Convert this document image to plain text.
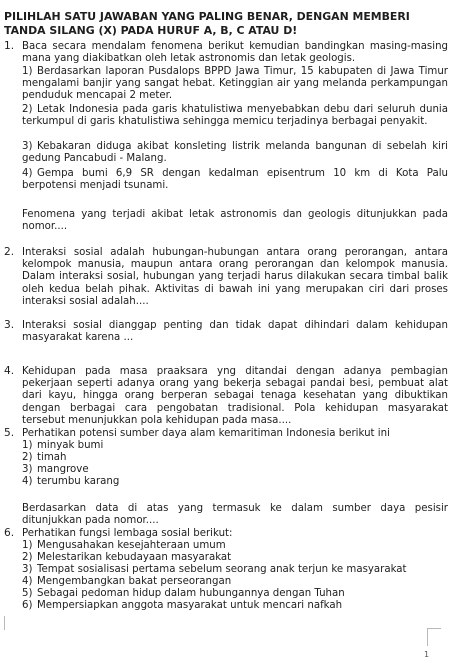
PILIHLAH SATU JAWABAN YANG PALING BENAR, DENGAN MEMBERI TANDA SILANG (X) PADA HURUF A, B, C ATAU D!
1. Baca secara mendalam fenomena berikut kemudian bandingkan masing-masing mana yang diakibatkan oleh letak astronomis dan letak geologis.
1) Berdasarkan laporan Pusdalops BPPD Jawa Timur, 15 kabupaten di Jawa Timur mengalami banjir yang sangat hebat. Ketinggian air yang melanda perkampungan penduduk mencapai 2 meter.
2) Letak Indonesia pada garis khatulistiwa menyebabkan debu dari seluruh dunia terkumpul di garis khatulistiwa sehingga memicu terjadinya berbagai penyakit.
3) Kebakaran diduga akibat konsleting listrik melanda bangunan di sebelah kiri gedung Pancabudi - Malang.
4) Gempa bumi 6,9 SR dengan kedalman episentrum 10 km di Kota Palu berpotensi menjadi tsunami.
Fenomena yang terjadi akibat letak astronomis dan geologis ditunjukkan pada nomor....
2. Interaksi sosial adalah hubungan-hubungan antara orang perorangan, antara kelompok manusia, maupun antara orang perorangan dan kelompok manusia. Dalam interaksi sosial, hubungan yang terjadi harus dilakukan secara timbal balik oleh kedua belah pihak. Aktivitas di bawah ini yang merupakan ciri dari proses interaksi sosial adalah....
3. Interaksi sosial dianggap penting dan tidak dapat dihindari dalam kehidupan masyarakat karena ...
4. Kehidupan pada masa praaksara yng ditandai dengan adanya pembagian pekerjaan seperti adanya orang yang bekerja sebagai pandai besi, pembuat alat dari kayu, hingga orang berperan sebagai tenaga kesehatan yang dibuktikan dengan berbagai cara pengobatan tradisional. Pola kehidupan masyarakat tersebut menunjukkan pola kehidupan pada masa....
5. Perhatikan potensi sumber daya alam kemaritiman Indonesia berikut ini
1) minyak bumi
2) timah
3) mangrove
4) terumbu karang
Berdasarkan data di atas yang termasuk ke dalam sumber daya pesisir ditunjukkan pada nomor....
6. Perhatikan fungsi lembaga sosial berikut:
1) Mengusahakan kesejahteraan umum
2) Melestarikan kebudayaan masyarakat
3) Tempat sosialisasi pertama sebelum seorang anak terjun ke masyarakat
4) Mengembangkan bakat perseorangan
5) Sebagai pedoman hidup dalam hubungannya dengan Tuhan
6) Mempersiapkan anggota masyarakat untuk mencari nafkah
1
